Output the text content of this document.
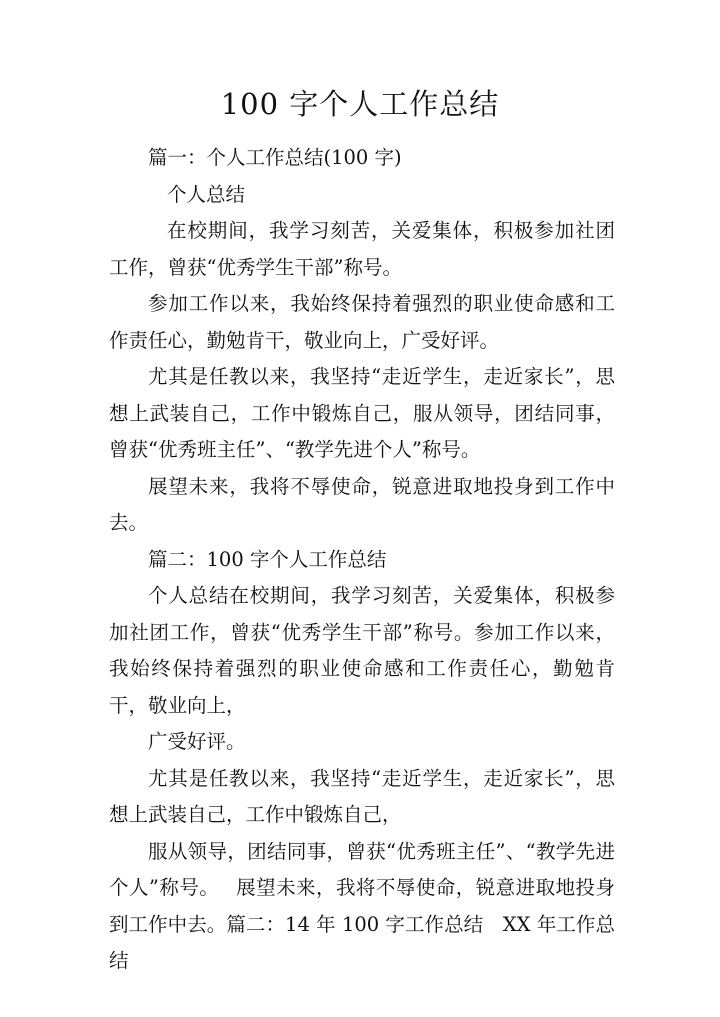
100 字个人工作总结

篇一：个人工作总结(100 字)

个人总结

在校期间，我学习刻苦，关爱集体，积极参加社团工作，曾获“优秀学生干部”称号。

参加工作以来，我始终保持着强烈的职业使命感和工作责任心，勤勉肯干，敬业向上，广受好评。

尤其是任教以来，我坚持“走近学生，走近家长”，思想上武装自己，工作中锻炼自己，服从领导，团结同事，曾获“优秀班主任”、“教学先进个人”称号。

展望未来，我将不辱使命，锐意进取地投身到工作中去。

篇二：100 字个人工作总结

个人总结在校期间，我学习刻苦，关爱集体，积极参加社团工作，曾获“优秀学生干部”称号。参加工作以来，我始终保持着强烈的职业使命感和工作责任心，勤勉肯干，敬业向上，

广受好评。

尤其是任教以来，我坚持“走近学生，走近家长”，思想上武装自己，工作中锻炼自己，

服从领导，团结同事，曾获“优秀班主任”、“教学先进个人”称号。　 展望未来，我将不辱使命，锐意进取地投身到工作中去。篇二：14 年 100 字工作总结　XX 年工作总结
